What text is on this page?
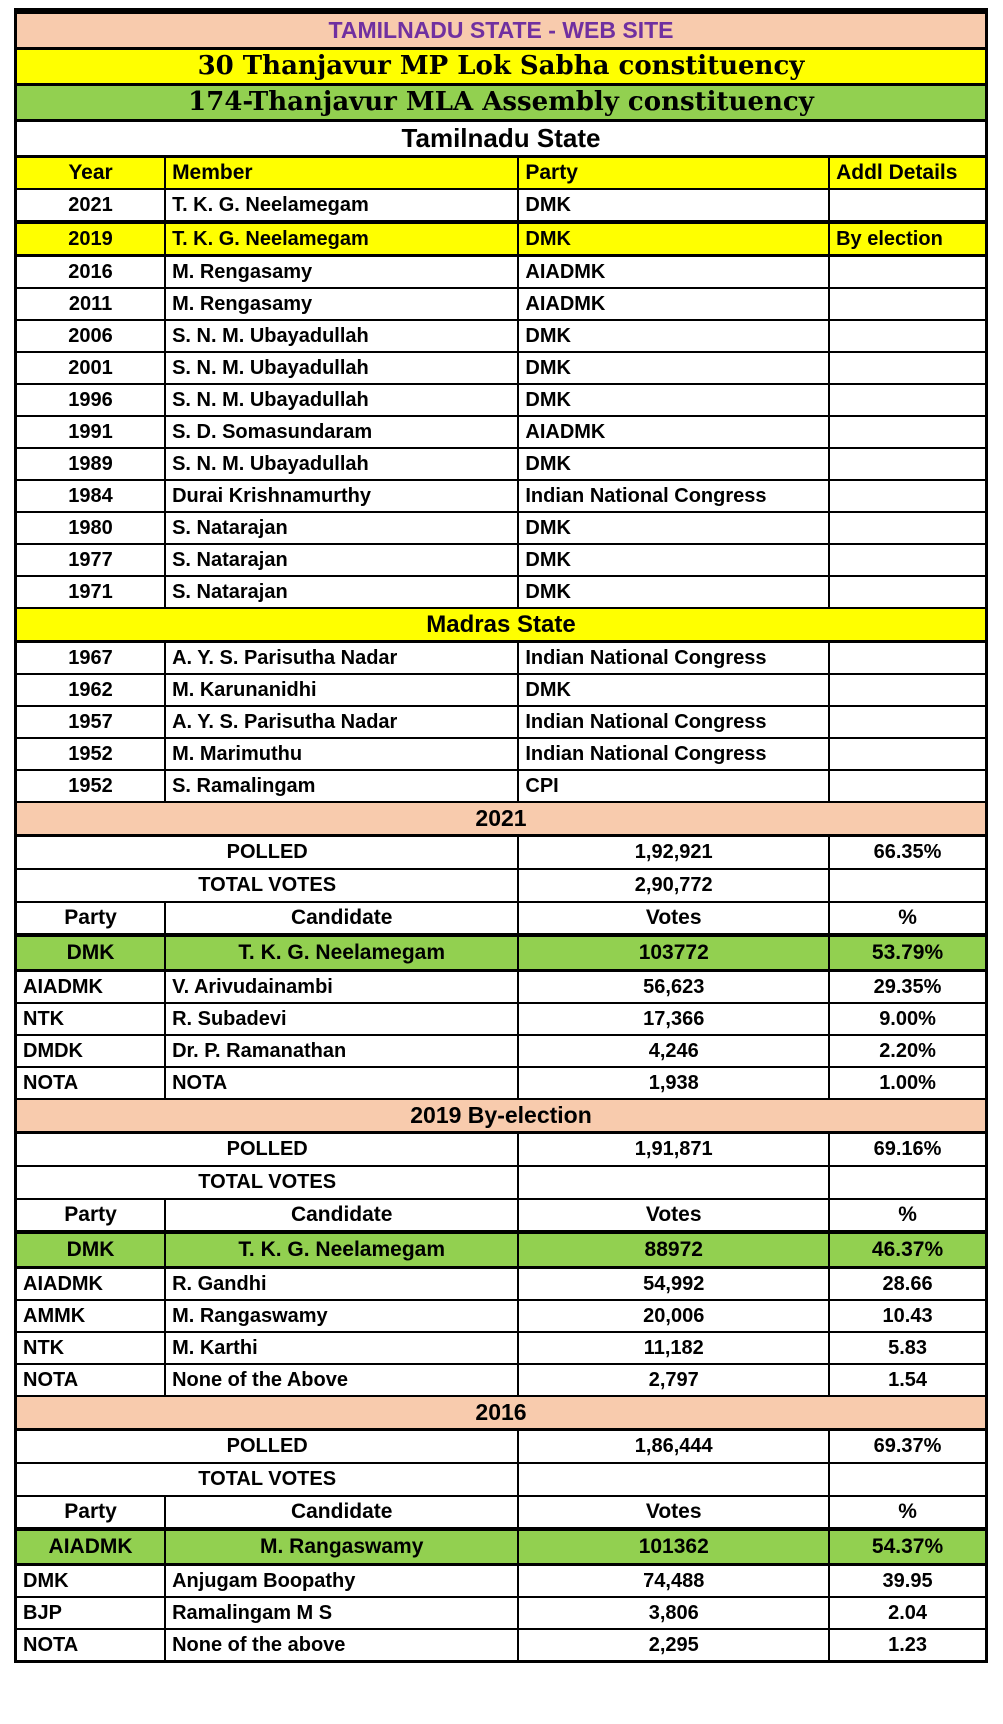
TAMILNADU STATE - WEB SITE
30 Thanjavur MP Lok Sabha constituency
174-Thanjavur MLA Assembly constituency
Tamilnadu State
Year	Member	Party	Addl Details
2021	T. K. G. Neelamegam	DMK
2019	T. K. G. Neelamegam	DMK	By election
2016	M. Rengasamy	AIADMK
2011	M. Rengasamy	AIADMK
2006	S. N. M. Ubayadullah	DMK
2001	S. N. M. Ubayadullah	DMK
1996	S. N. M. Ubayadullah	DMK
1991	S. D. Somasundaram	AIADMK
1989	S. N. M. Ubayadullah	DMK
1984	Durai Krishnamurthy	Indian National Congress
1980	S. Natarajan	DMK
1977	S. Natarajan	DMK
1971	S. Natarajan	DMK
Madras State
1967	A. Y. S. Parisutha Nadar	Indian National Congress
1962	M. Karunanidhi	DMK
1957	A. Y. S. Parisutha Nadar	Indian National Congress
1952	M. Marimuthu	Indian National Congress
1952	S. Ramalingam	CPI
2021
POLLED	1,92,921	66.35%
TOTAL VOTES	2,90,772
Party	Candidate	Votes	%
DMK	T. K. G. Neelamegam	103772	53.79%
AIADMK	V. Arivudainambi	56,623	29.35%
NTK	R. Subadevi	17,366	9.00%
DMDK	Dr. P. Ramanathan	4,246	2.20%
NOTA	NOTA	1,938	1.00%
2019 By-election
POLLED	1,91,871	69.16%
TOTAL VOTES
Party	Candidate	Votes	%
DMK	T. K. G. Neelamegam	88972	46.37%
AIADMK	R. Gandhi	54,992	28.66
AMMK	M. Rangaswamy	20,006	10.43
NTK	M. Karthi	11,182	5.83
NOTA	None of the Above	2,797	1.54
2016
POLLED	1,86,444	69.37%
TOTAL VOTES
Party	Candidate	Votes	%
AIADMK	M. Rangaswamy	101362	54.37%
DMK	Anjugam Boopathy	74,488	39.95
BJP	Ramalingam M S	3,806	2.04
NOTA	None of the above	2,295	1.23
